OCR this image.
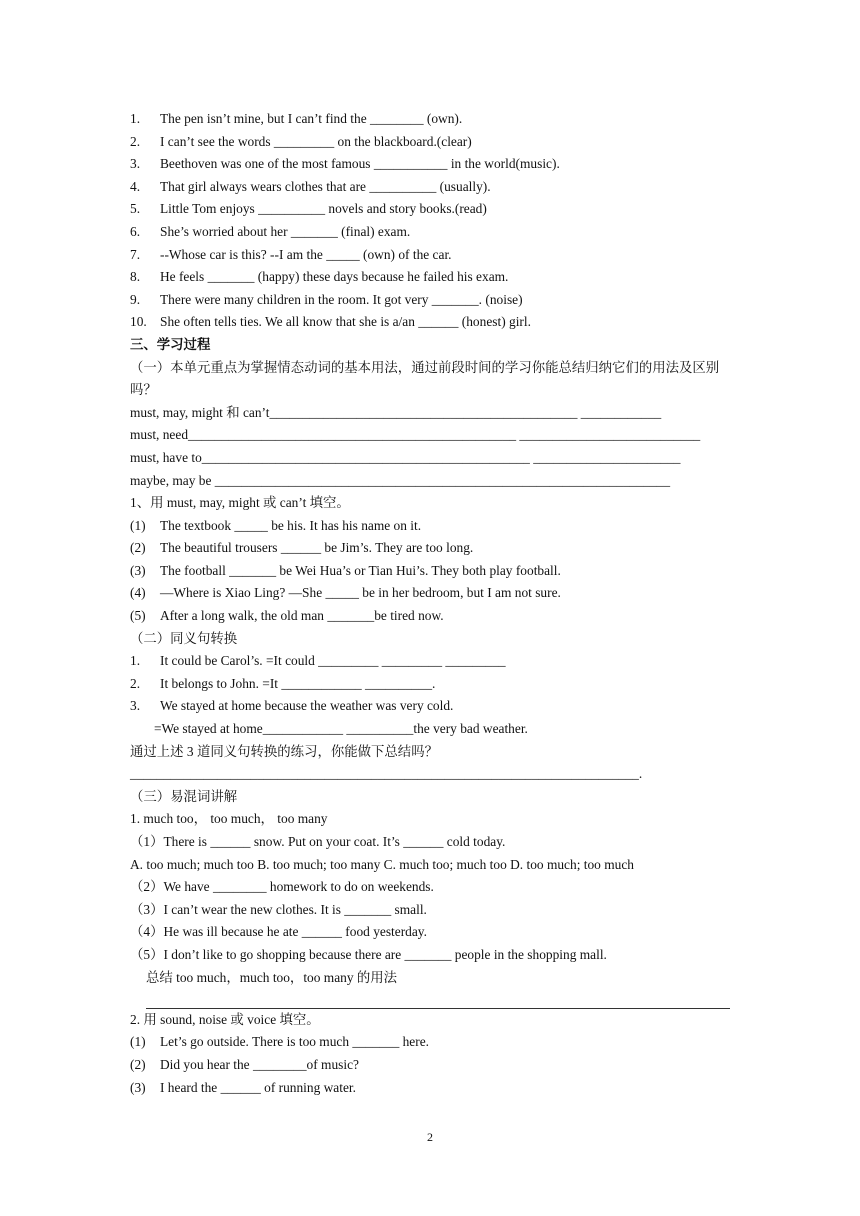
1. The pen isn’t mine, but I can’t find the ________ (own).
2. I can’t see the words _________ on the blackboard.(clear)
3. Beethoven was one of the most famous ___________ in the world(music).
4. That girl always wears clothes that are __________ (usually).
5. Little Tom enjoys __________ novels and story books.(read)
6. She’s worried about her _______ (final) exam.
7. --Whose car is this? --I am the _____ (own) of the car.
8. He feels _______ (happy) these days because he failed his exam.
9. There were many children in the room. It got very _______. (noise)
10. She often tells ties. We all know that she is a/an ______ (honest) girl.
三、学习过程
（一）本单元重点为掌握情态动词的基本用法，通过前段时间的学习你能总结归纳它们的用法及区别吗？
must, may, might 和 can’t______________________________________________ ____________
must, need_________________________________________________ ___________________________
must, have to_________________________________________________ ______________________
maybe, may be ____________________________________________________________________
1、用 must, may, might 或 can’t 填空。
(1) The textbook _____ be his. It has his name on it.
(2) The beautiful trousers ______ be Jim’s. They are too long.
(3) The football _______ be Wei Hua’s or Tian Hui’s. They both play football.
(4) —Where is Xiao Ling? —She _____ be in her bedroom, but I am not sure.
(5) After a long walk, the old man _______be tired now.
（二）同义句转换
1. It could be Carol’s. =It could _________ _________ _________
2. It belongs to John. =It ____________ __________.
3. We stayed at home because the weather was very cold.
=We stayed at home____________ __________the very bad weather.
通过上述 3 道同义句转换的练习，你能做下总结吗？
____________________________________________________________________________.
（三）易混词讲解
1. much too， too much， too many
（1）There is ______ snow. Put on your coat. It’s ______ cold today.
A. too much; much too B. too much; too many C. much too; much too D. too much; too much
（2）We have ________ homework to do on weekends.
（3）I can’t wear the new clothes. It is _______ small.
（4）He was ill because he ate ______ food yesterday.
（5）I don’t like to go shopping because there are _______ people in the shopping mall.
总结 too much，much too，too many 的用法
2. 用 sound, noise 或 voice 填空。
(1) Let’s go outside. There is too much _______ here.
(2) Did you hear the ________of music?
(3) I heard the ______ of running water.
2
